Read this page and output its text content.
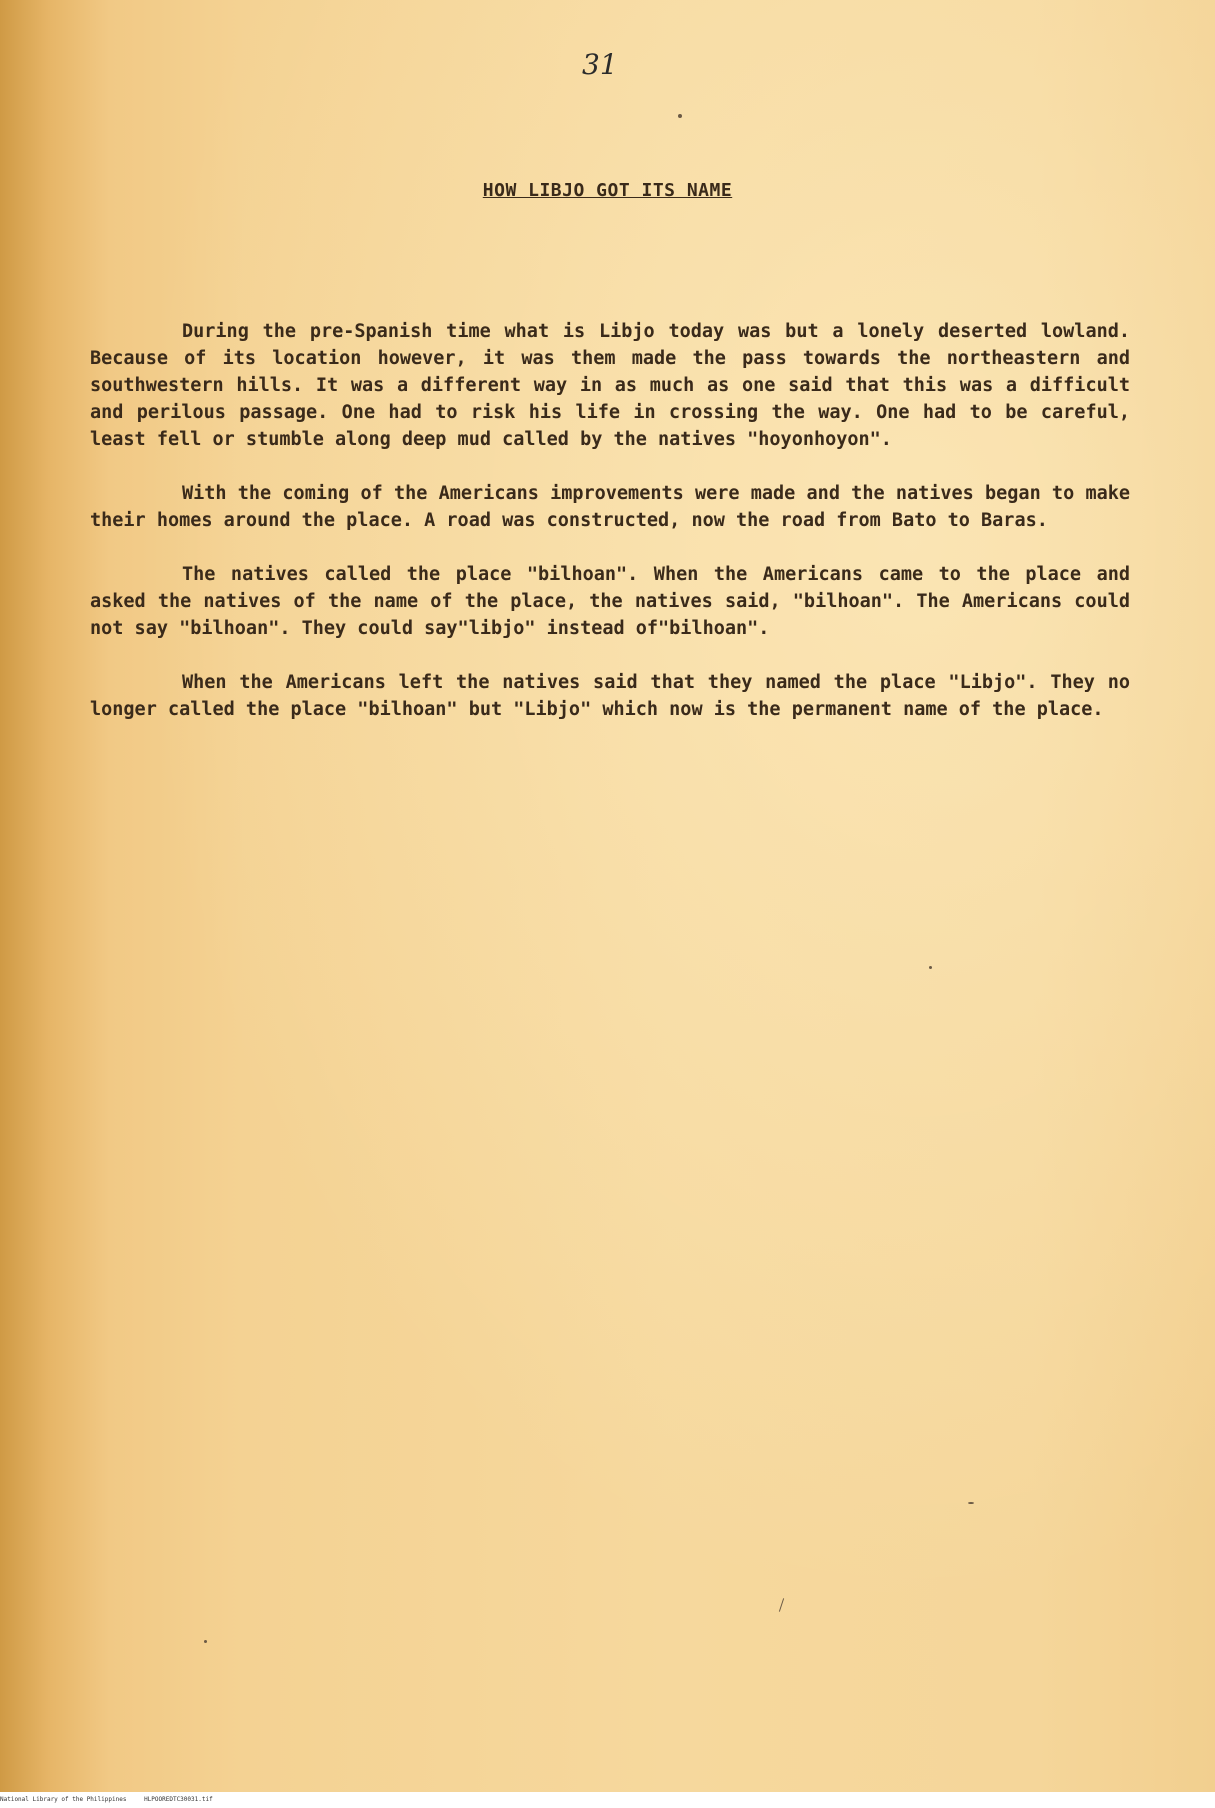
31
HOW LIBJO GOT ITS NAME

During the pre-Spanish time what is Libjo today was but a lonely deserted lowland. Because of its location however, it was them made the pass towards the northeastern and southwestern hills. It was a different way in as much as one said that this was a difficult and perilous passage. One had to risk his life in crossing the way. One had to be careful, least fell or stumble along deep mud called by the natives "hoyonhoyon".

With the coming of the Americans improvements were made and the natives began to make their homes around the place. A road was constructed, now the road from Bato to Baras.

The natives called the place "bilhoan". When the Americans came to the place and asked the natives of the name of the place, the natives said, "bilhoan". The Americans could not say "bilhoan". They could say"libjo" instead of"bilhoan".

When the Americans left the natives said that they named the place "Libjo". They no longer called the place "bilhoan" but "Libjo" which now is the permanent name of the place.

National Library of the Philippines	HLPOOREDTC30031.tif
